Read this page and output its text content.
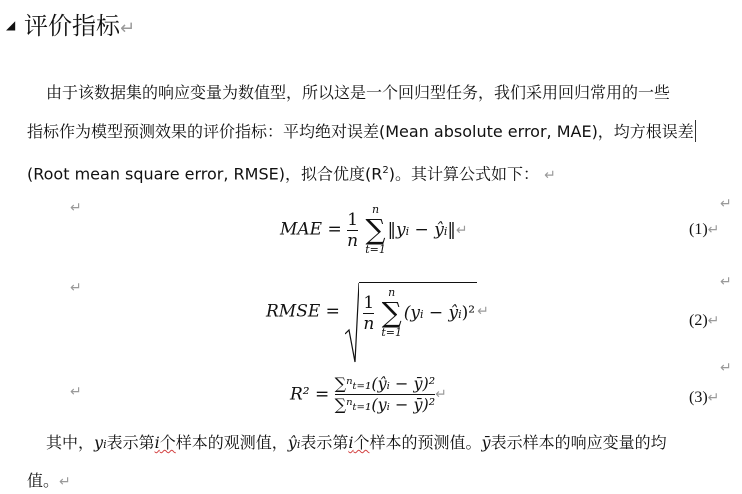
◢ 评价指标↵
由于该数据集的响应变量为数值型，所以这是一个回归型任务，我们采用回归常用的一些
指标作为模型预测效果的评价指标：平均绝对误差(Mean absolute error, MAE)，均方根误差
(Root mean square error, RMSE)，拟合优度$(R^2)$。其计算公式如下： ↵
↵	↵
MAE = $\frac{1}{n}$
	n
∑
t=1
‖yi − ŷi‖↵	(1)↵
↵	↵
RMSE = $\frac{1}{n}$
	n
∑
t=1
(yi − ŷi)² ↵
(2)↵
↵
↵
$R^2 = \frac{\text{∑ⁿₜ₌₁(ŷᵢ − ȳ)²}}{\text{∑ⁿₜ₌₁(yᵢ − ȳ)²}}$ ↵	(3)↵
其中，yi表示第i个样本的观测值，ŷi表示第i个样本的预测值。ȳ表示样本的响应变量的均
值。↵
